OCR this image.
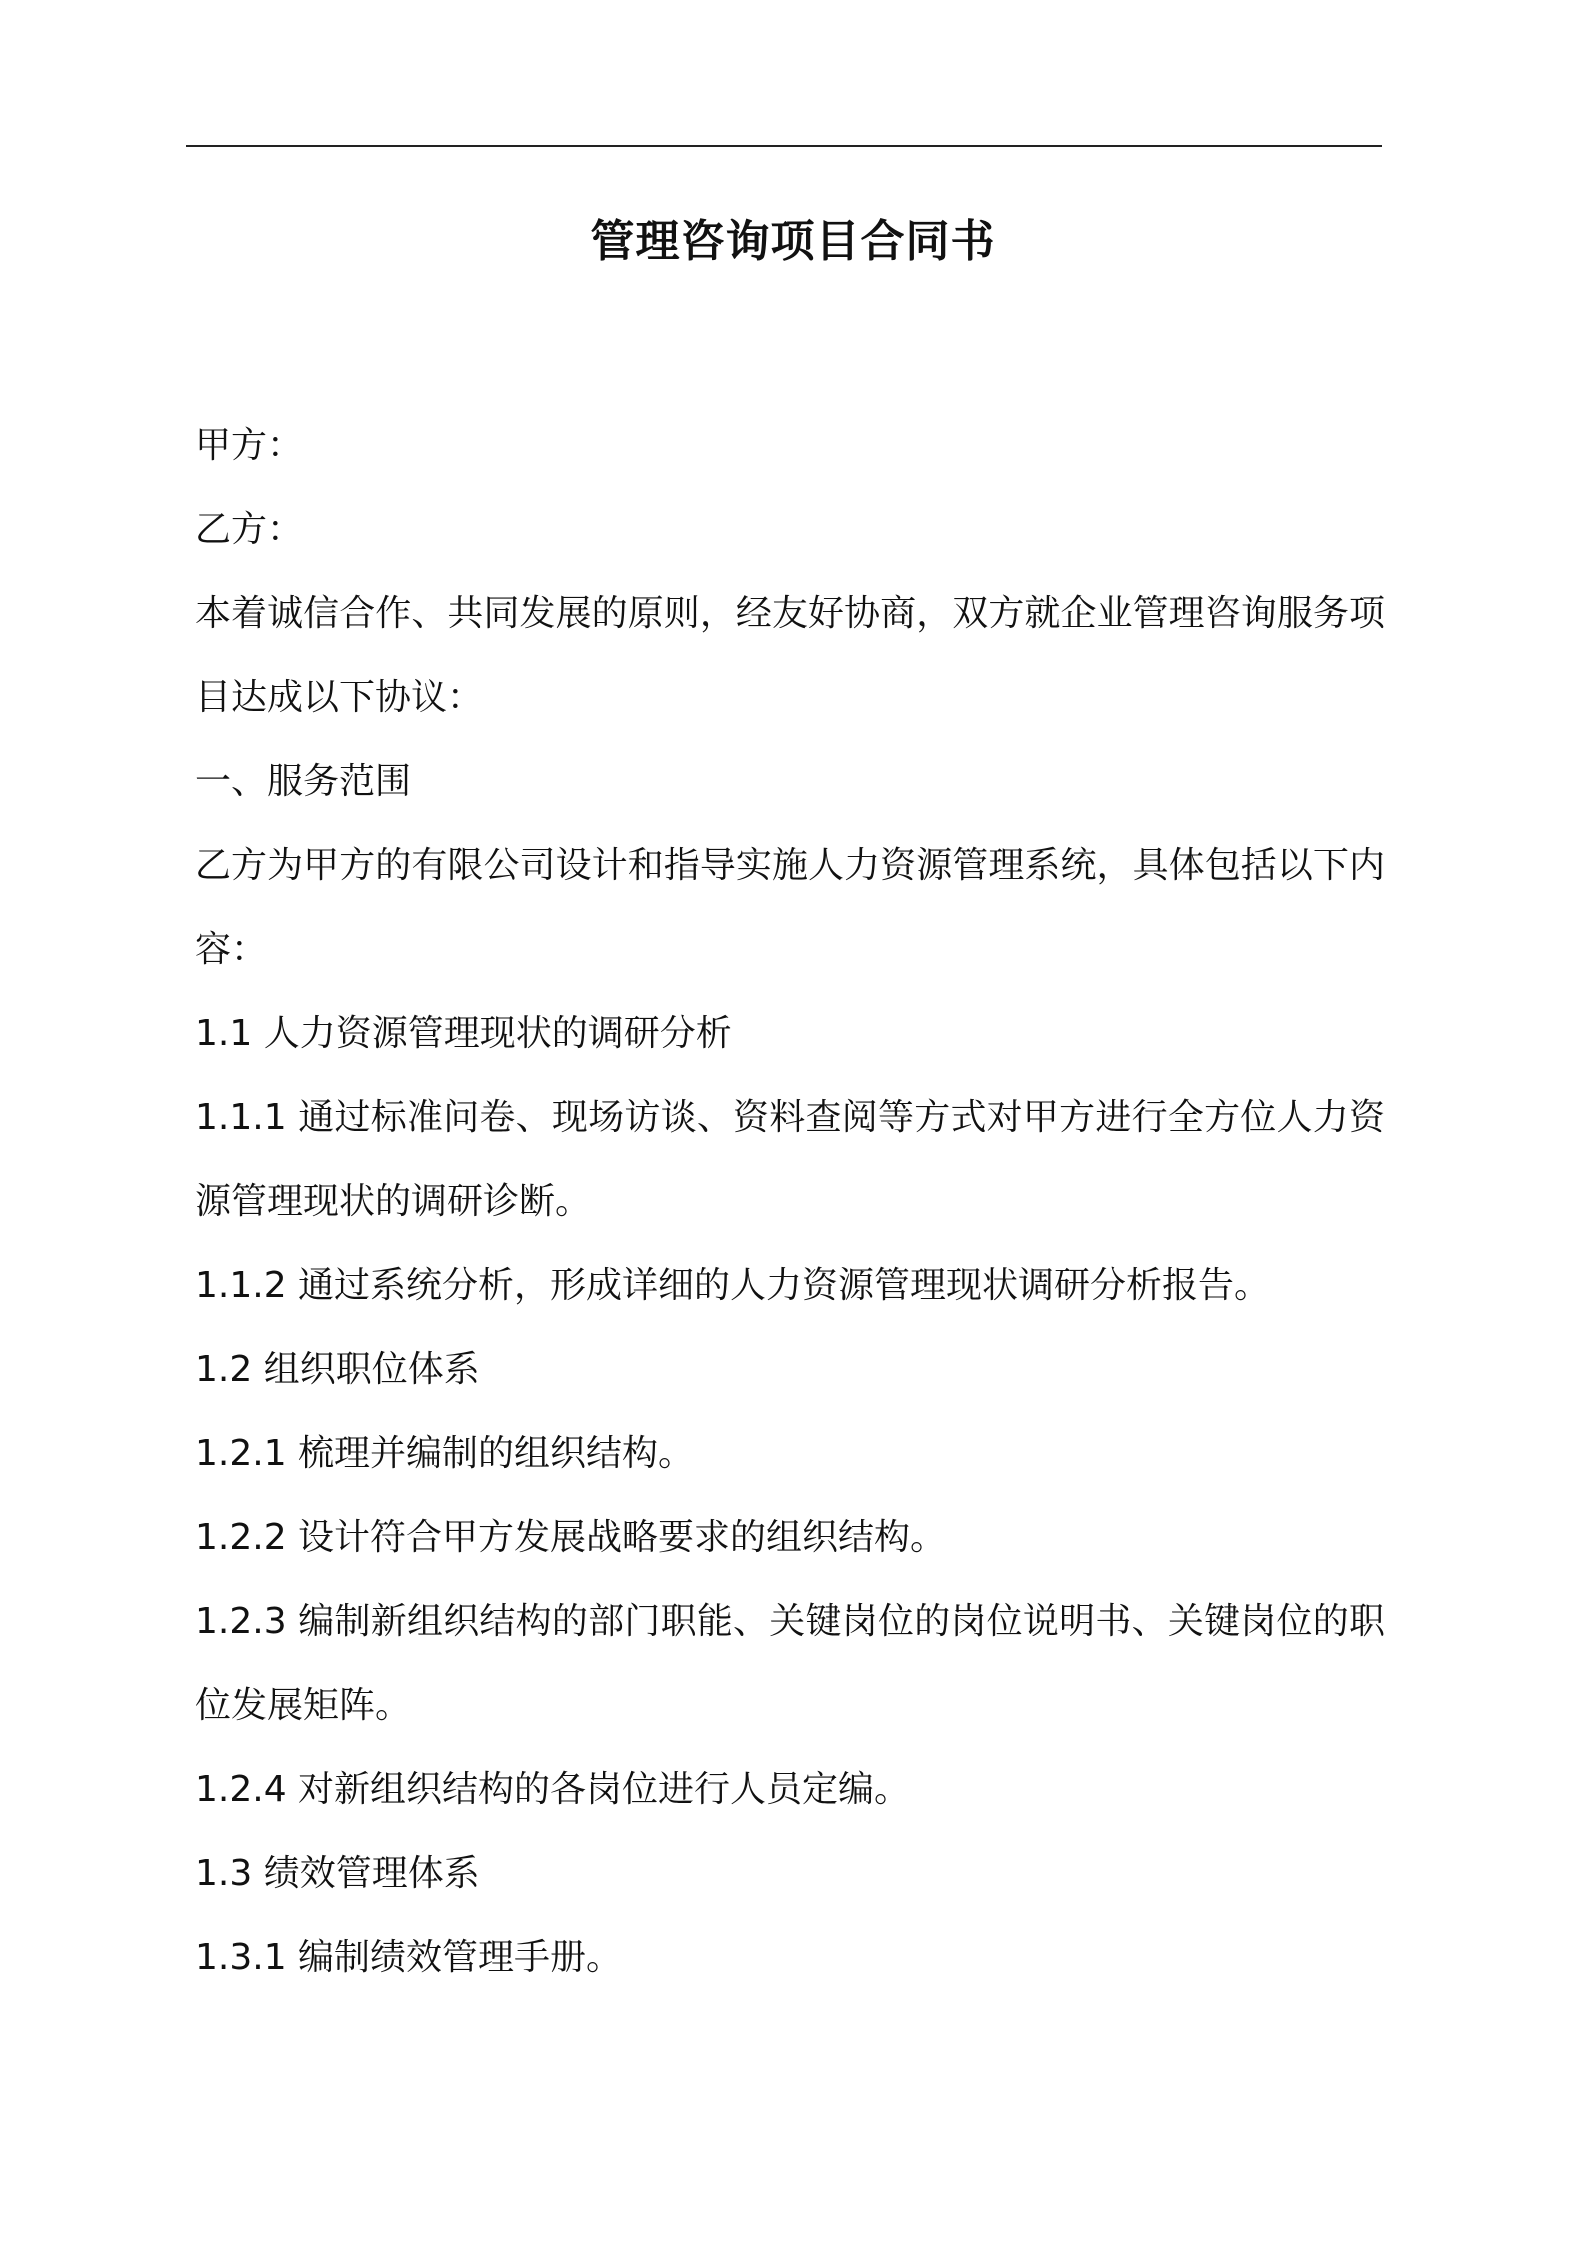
管理咨询项目合同书

甲方：

乙方：

本着诚信合作、共同发展的原则，经友好协商，双方就企业管理咨询服务项目达成以下协议：

一、服务范围

乙方为甲方的有限公司设计和指导实施人力资源管理系统，具体包括以下内容：

1.1 人力资源管理现状的调研分析

1.1.1 通过标准问卷、现场访谈、资料查阅等方式对甲方进行全方位人力资源管理现状的调研诊断。

1.1.2 通过系统分析，形成详细的人力资源管理现状调研分析报告。

1.2 组织职位体系

1.2.1 梳理并编制的组织结构。

1.2.2 设计符合甲方发展战略要求的组织结构。

1.2.3 编制新组织结构的部门职能、关键岗位的岗位说明书、关键岗位的职位发展矩阵。

1.2.4 对新组织结构的各岗位进行人员定编。

1.3 绩效管理体系

1.3.1 编制绩效管理手册。
